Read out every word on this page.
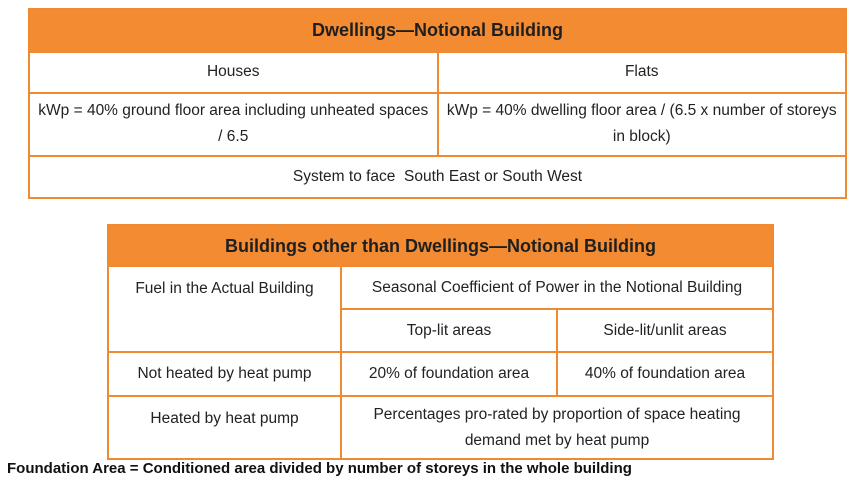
Dwellings—Notional Building	
Houses	Flats
kWp = 40% ground floor area including unheated spaces / 6.5	kWp = 40% dwelling floor area / (6.5 x number of storeys in block)
System to face  South East or South West	
Buildings other than Dwellings—Notional Building		
Fuel in the Actual Building	Seasonal Coefficient of Power in the Notional Building	
	Top-lit areas	Side-lit/unlit areas
Not heated by heat pump	20% of foundation area	40% of foundation area
Heated by heat pump	Percentages pro-rated by proportion of space heating demand met by heat pump	
Foundation Area = Conditioned area divided by number of storeys in the whole building
